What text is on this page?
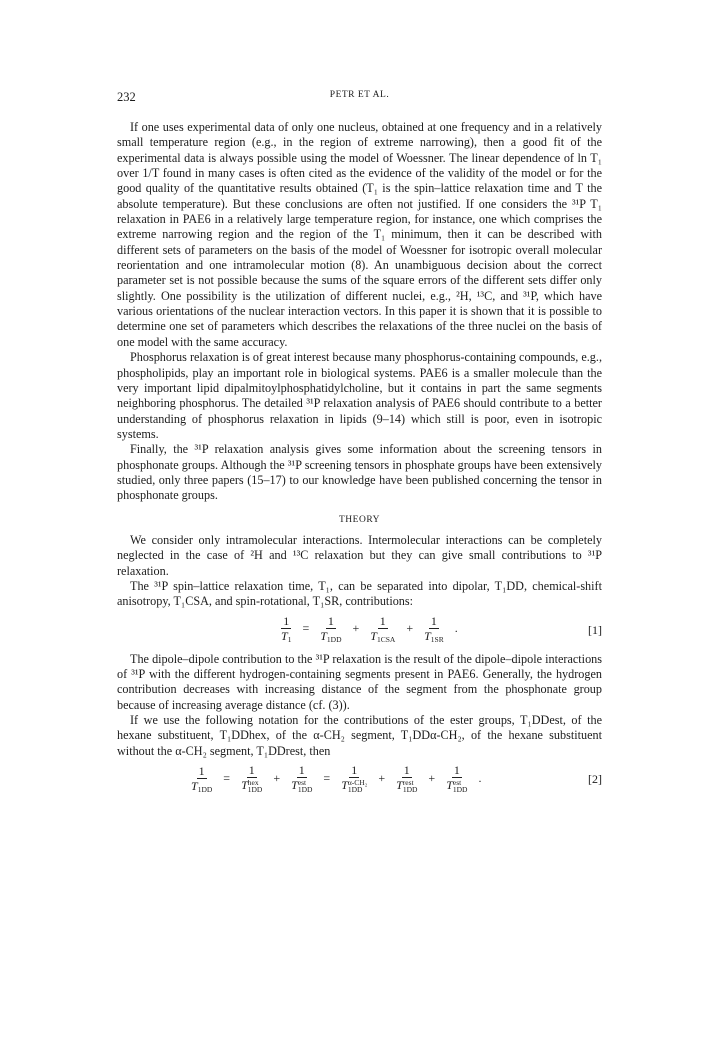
232	PETR ET AL.

If one uses experimental data of only one nucleus, obtained at one frequency and in a relatively small temperature region (e.g., in the region of extreme narrowing), then a good fit of the experimental data is always possible using the model of Woessner. The linear dependence of ln T₁ over 1/T found in many cases is often cited as the evidence of the validity of the model or for the good quality of the quantitative results obtained (T₁ is the spin–lattice relaxation time and T the absolute temperature). But these conclusions are often not justified. If one considers the ³¹P T₁ relaxation in PAE6 in a relatively large temperature region, for instance, one which comprises the extreme narrowing region and the region of the T₁ minimum, then it can be described with different sets of parameters on the basis of the model of Woessner for isotropic overall molecular reorientation and one intramolecular motion (8). An unambiguous decision about the correct parameter set is not possible because the sums of the square errors of the different sets differ only slightly. One possibility is the utilization of different nuclei, e.g., ²H, ¹³C, and ³¹P, which have various orientations of the nuclear interaction vectors. In this paper it is shown that it is possible to determine one set of parameters which describes the relaxations of the three nuclei on the basis of one model with the same accuracy.

Phosphorus relaxation is of great interest because many phosphorus-containing compounds, e.g., phospholipids, play an important role in biological systems. PAE6 is a smaller molecule than the very important lipid dipalmitoylphosphatidylcholine, but it contains in part the same segments neighboring phosphorus. The detailed ³¹P relaxation analysis of PAE6 should contribute to a better understanding of phosphorus relaxation in lipids (9–14) which still is poor, even in isotropic systems.

Finally, the ³¹P relaxation analysis gives some information about the screening tensors in phosphonate groups. Although the ³¹P screening tensors in phosphate groups have been extensively studied, only three papers (15–17) to our knowledge have been published concerning the tensor in phosphonate groups.

THEORY

We consider only intramolecular interactions. Intermolecular interactions can be completely neglected in the case of ²H and ¹³C relaxation but they can give small contributions to ³¹P relaxation.

The ³¹P spin–lattice relaxation time, T₁, can be separated into dipolar, T₁DD, chemical-shift anisotropy, T₁CSA, and spin-rotational, T₁SR, contributions:

$\frac{1}{T_1} = \frac{1}{T_{1DD}} + \frac{1}{T_{1CSA}} + \frac{1}{T_{1SR}}$ .	[1]

The dipole–dipole contribution to the ³¹P relaxation is the result of the dipole–dipole interactions of ³¹P with the different hydrogen-containing segments present in PAE6. Generally, the hydrogen contribution decreases with increasing distance of the segment from the phosphonate group because of increasing average distance (cf. (3)).

If we use the following notation for the contributions of the ester groups, T₁DDest, of the hexane substituent, T₁DDhex, of the α-CH₂ segment, T₁DDα-CH₂, of the hexane substituent without the α-CH₂ segment, T₁DDrest, then

$\frac{1}{T_{1DD}} = 1$
T hex
1DD + 1
T est
1DD = 1
T α-CH₂
1DD + 1
T rest
1DD + 1
T est
1DD .	[2]
